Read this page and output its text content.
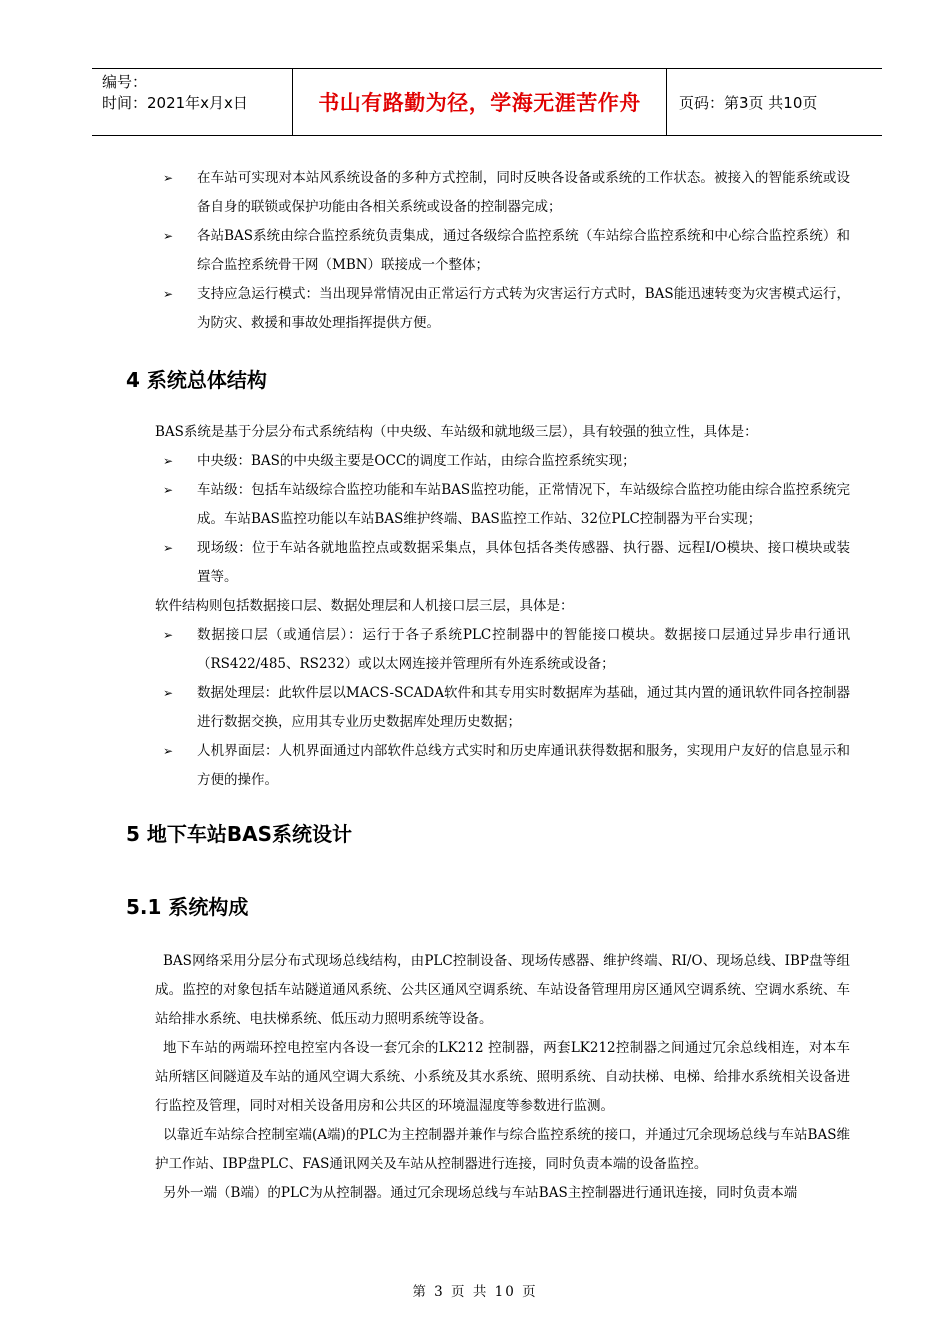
编号：
时间：2021年x月x日	书山有路勤为径，学海无涯苦作舟	页码：第3页 共10页
➢ 在车站可实现对本站风系统设备的多种方式控制，同时反映各设备或系统的工作状态。被接入的智能系统或设备自身的联锁或保护功能由各相关系统或设备的控制器完成；
➢ 各站BAS系统由综合监控系统负责集成，通过各级综合监控系统（车站综合监控系统和中心综合监控系统）和综合监控系统骨干网（MBN）联接成一个整体；
➢ 支持应急运行模式：当出现异常情况由正常运行方式转为灾害运行方式时，BAS能迅速转变为灾害模式运行，为防灾、救援和事故处理指挥提供方便。
4 系统总体结构
BAS系统是基于分层分布式系统结构（中央级、车站级和就地级三层），具有较强的独立性，具体是：
➢ 中央级：BAS的中央级主要是OCC的调度工作站，由综合监控系统实现；
➢ 车站级：包括车站级综合监控功能和车站BAS监控功能，正常情况下，车站级综合监控功能由综合监控系统完成。车站BAS监控功能以车站BAS维护终端、BAS监控工作站、32位PLC控制器为平台实现；
➢ 现场级：位于车站各就地监控点或数据采集点，具体包括各类传感器、执行器、远程I/O模块、接口模块或装置等。
软件结构则包括数据接口层、数据处理层和人机接口层三层，具体是：
➢ 数据接口层（或通信层）：运行于各子系统PLC控制器中的智能接口模块。数据接口层通过异步串行通讯（RS422/485、RS232）或以太网连接并管理所有外连系统或设备；
➢ 数据处理层：此软件层以MACS-SCADA软件和其专用实时数据库为基础，通过其内置的通讯软件同各控制器进行数据交换，应用其专业历史数据库处理历史数据；
➢ 人机界面层：人机界面通过内部软件总线方式实时和历史库通讯获得数据和服务，实现用户友好的信息显示和方便的操作。
5 地下车站BAS系统设计
5.1 系统构成
BAS网络采用分层分布式现场总线结构，由PLC控制设备、现场传感器、维护终端、RI/O、现场总线、IBP盘等组成。监控的对象包括车站隧道通风系统、公共区通风空调系统、车站设备管理用房区通风空调系统、空调水系统、车站给排水系统、电扶梯系统、低压动力照明系统等设备。
地下车站的两端环控电控室内各设一套冗余的LK212 控制器，两套LK212控制器之间通过冗余总线相连，对本车站所辖区间隧道及车站的通风空调大系统、小系统及其水系统、照明系统、自动扶梯、电梯、给排水系统相关设备进行监控及管理，同时对相关设备用房和公共区的环境温湿度等参数进行监测。
以靠近车站综合控制室端(A端)的PLC为主控制器并兼作与综合监控系统的接口，并通过冗余现场总线与车站BAS维护工作站、IBP盘PLC、FAS通讯网关及车站从控制器进行连接，同时负责本端的设备监控。
另外一端（B端）的PLC为从控制器。通过冗余现场总线与车站BAS主控制器进行通讯连接，同时负责本端
第 3 页 共 10 页
